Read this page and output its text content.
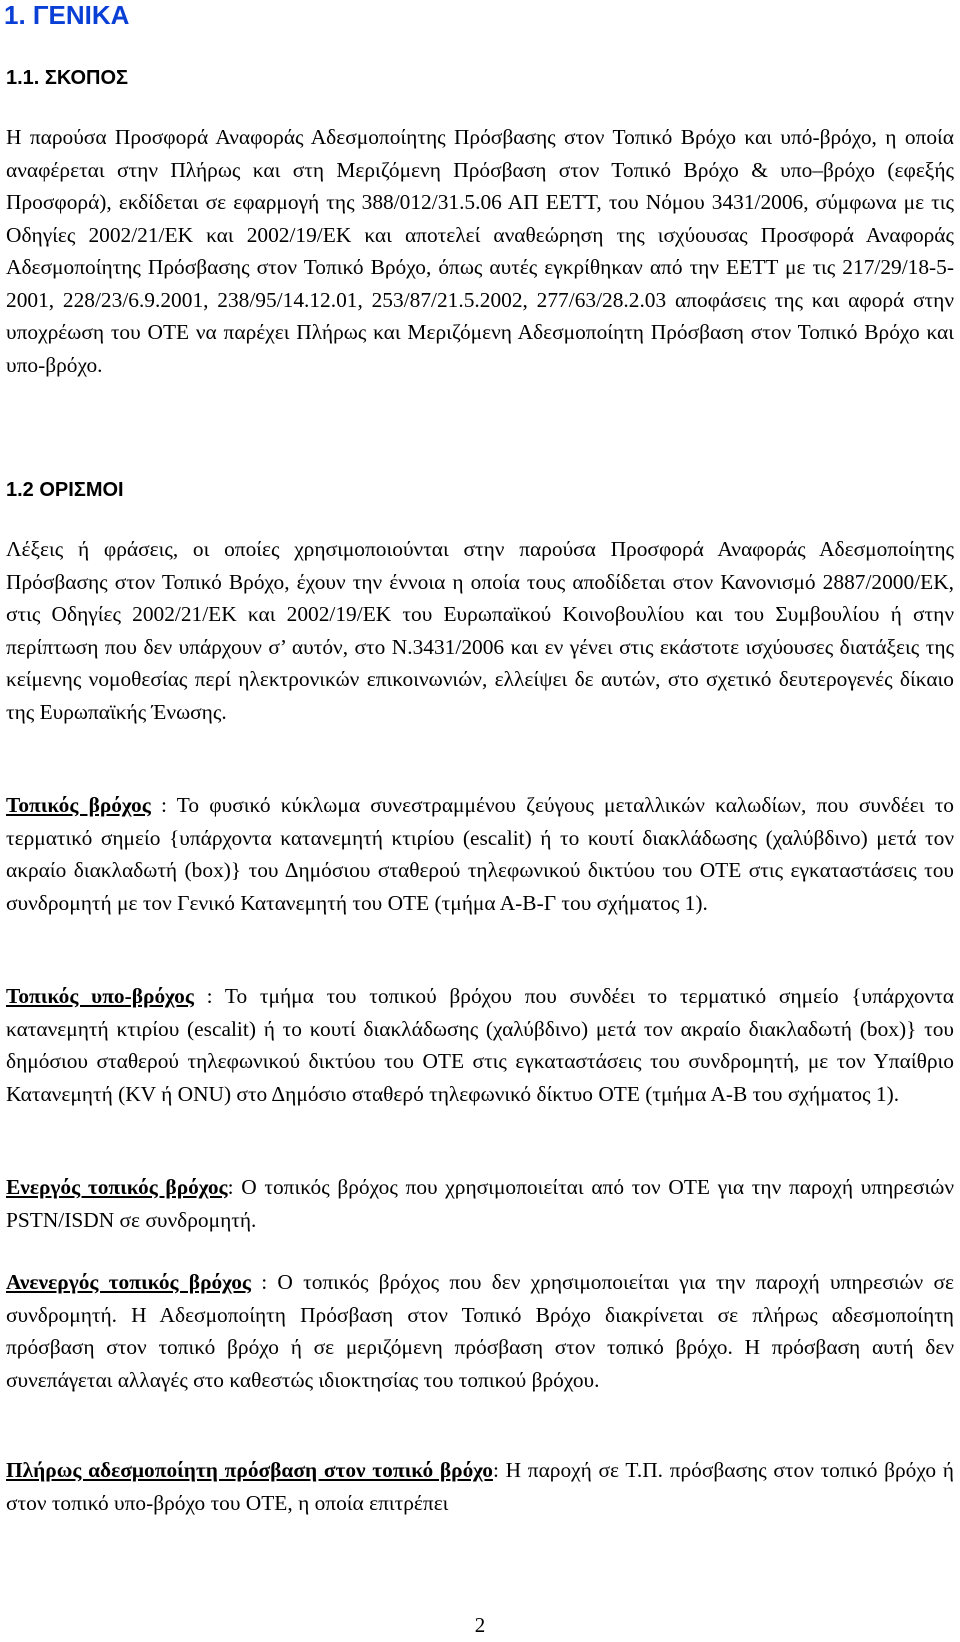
1. ΓΕΝΙΚΑ
1.1. ΣΚΟΠΟΣ

Η παρούσα Προσφορά Αναφοράς Αδεσμοποίητης Πρόσβασης στον Τοπικό Βρόχο και υπό-βρόχο, η οποία αναφέρεται στην Πλήρως και στη Μεριζόμενη Πρόσβαση στον Τοπικό Βρόχο & υπο–βρόχο (εφεξής Προσφορά), εκδίδεται σε εφαρμογή της 388/012/31.5.06 ΑΠ ΕΕΤΤ, του Νόμου 3431/2006, σύμφωνα με τις Οδηγίες 2002/21/ΕΚ και 2002/19/ΕΚ και αποτελεί αναθεώρηση της ισχύουσας Προσφορά Αναφοράς Αδεσμοποίητης Πρόσβασης στον Τοπικό Βρόχο, όπως αυτές εγκρίθηκαν από την ΕΕΤΤ με τις 217/29/18-5-2001, 228/23/6.9.2001, 238/95/14.12.01, 253/87/21.5.2002, 277/63/28.2.03 αποφάσεις της και αφορά στην υποχρέωση του ΟΤΕ να παρέχει Πλήρως και Μεριζόμενη Αδεσμοποίητη Πρόσβαση στον Τοπικό Βρόχο και υπο-βρόχο.

1.2 ΟΡΙΣΜΟΙ

Λέξεις ή φράσεις, οι οποίες χρησιμοποιούνται στην παρούσα Προσφορά Αναφοράς Αδεσμοποίητης Πρόσβασης στον Τοπικό Βρόχο, έχουν την έννοια η οποία τους αποδίδεται στον Κανονισμό 2887/2000/ΕΚ, στις Οδηγίες 2002/21/ΕΚ και 2002/19/ΕΚ του Ευρωπαϊκού Κοινοβουλίου και του Συμβουλίου ή στην περίπτωση που δεν υπάρχουν σ’ αυτόν, στο Ν.3431/2006 και εν γένει στις εκάστοτε ισχύουσες διατάξεις της κείμενης νομοθεσίας περί ηλεκτρονικών επικοινωνιών, ελλείψει δε αυτών, στο σχετικό δευτερογενές δίκαιο της Ευρωπαϊκής Ένωσης.

Τοπικός βρόχος : Το φυσικό κύκλωμα συνεστραμμένου ζεύγους μεταλλικών καλωδίων, που συνδέει το τερματικό σημείο {υπάρχοντα κατανεμητή κτιρίου (escalit) ή το κουτί διακλάδωσης (χαλύβδινο) μετά τον ακραίο διακλαδωτή (box)} του Δημόσιου σταθερού τηλεφωνικού δικτύου του ΟΤΕ στις εγκαταστάσεις του συνδρομητή με τον Γενικό Κατανεμητή του ΟΤΕ (τμήμα Α-Β-Γ του σχήματος 1).

Τοπικός υπο-βρόχος : Το τμήμα του τοπικού βρόχου που συνδέει το τερματικό σημείο {υπάρχοντα κατανεμητή κτιρίου (escalit) ή το κουτί διακλάδωσης (χαλύβδινο) μετά τον ακραίο διακλαδωτή (box)} του δημόσιου σταθερού τηλεφωνικού δικτύου του ΟΤΕ στις εγκαταστάσεις του συνδρομητή, με τον Υπαίθριο Κατανεμητή (KV ή ONU) στο Δημόσιο σταθερό τηλεφωνικό δίκτυο ΟΤΕ (τμήμα Α-Β του σχήματος 1).

Ενεργός τοπικός βρόχος: Ο τοπικός βρόχος που χρησιμοποιείται από τον ΟΤΕ για την παροχή υπηρεσιών PSTN/ISDN σε συνδρομητή.

Ανενεργός τοπικός βρόχος : Ο τοπικός βρόχος που δεν χρησιμοποιείται για την παροχή υπηρεσιών σε συνδρομητή. Η Αδεσμοποίητη Πρόσβαση στον Τοπικό Βρόχο διακρίνεται σε πλήρως αδεσμοποίητη πρόσβαση στον τοπικό βρόχο ή σε μεριζόμενη πρόσβαση στον τοπικό βρόχο. Η πρόσβαση αυτή δεν συνεπάγεται αλλαγές στο καθεστώς ιδιοκτησίας του τοπικού βρόχου.

Πλήρως αδεσμοποίητη πρόσβαση στον τοπικό βρόχο: Η παροχή σε Τ.Π. πρόσβασης στον τοπικό βρόχο ή στον τοπικό υπο-βρόχο του ΟΤΕ, η οποία επιτρέπει

2
